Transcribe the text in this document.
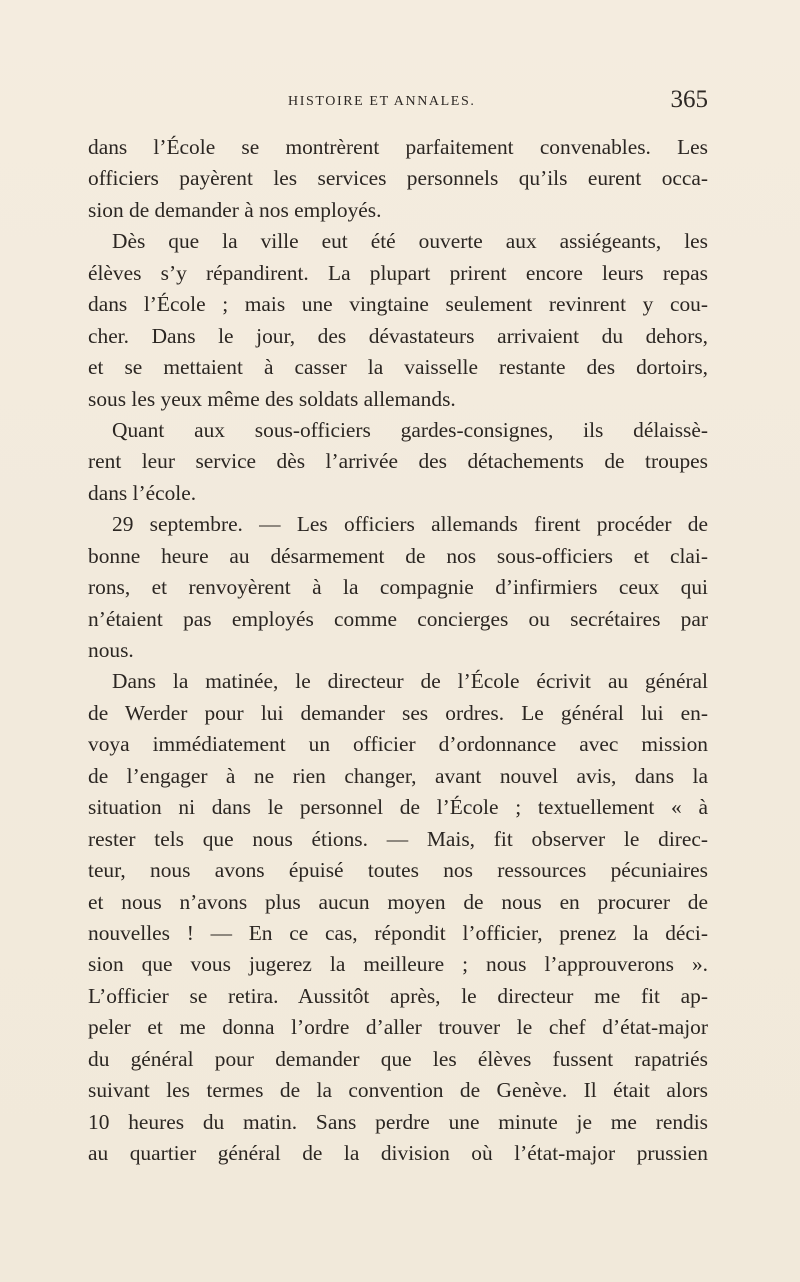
HISTOIRE ET ANNALES.	365
dans l’École se montrèrent parfaitement convenables. Les
officiers payèrent les services personnels qu’ils eurent occa-
sion de demander à nos employés.
Dès que la ville eut été ouverte aux assiégeants, les
élèves s’y répandirent. La plupart prirent encore leurs repas
dans l’École ; mais une vingtaine seulement revinrent y cou-
cher. Dans le jour, des dévastateurs arrivaient du dehors,
et se mettaient à casser la vaisselle restante des dortoirs,
sous les yeux même des soldats allemands.
Quant aux sous-officiers gardes-consignes, ils délaissè-
rent leur service dès l’arrivée des détachements de troupes
dans l’école.
29 septembre. — Les officiers allemands firent procéder de
bonne heure au désarmement de nos sous-officiers et clai-
rons, et renvoyèrent à la compagnie d’infirmiers ceux qui
n’étaient pas employés comme concierges ou secrétaires par
nous.
Dans la matinée, le directeur de l’École écrivit au général
de Werder pour lui demander ses ordres. Le général lui en-
voya immédiatement un officier d’ordonnance avec mission
de l’engager à ne rien changer, avant nouvel avis, dans la
situation ni dans le personnel de l’École ; textuellement « à
rester tels que nous étions. — Mais, fit observer le direc-
teur, nous avons épuisé toutes nos ressources pécuniaires
et nous n’avons plus aucun moyen de nous en procurer de
nouvelles ! — En ce cas, répondit l’officier, prenez la déci-
sion que vous jugerez la meilleure ; nous l’approuverons ».
L’officier se retira. Aussitôt après, le directeur me fit ap-
peler et me donna l’ordre d’aller trouver le chef d’état-major
du général pour demander que les élèves fussent rapatriés
suivant les termes de la convention de Genève. Il était alors
10 heures du matin. Sans perdre une minute je me rendis
au quartier général de la division où l’état-major prussien
